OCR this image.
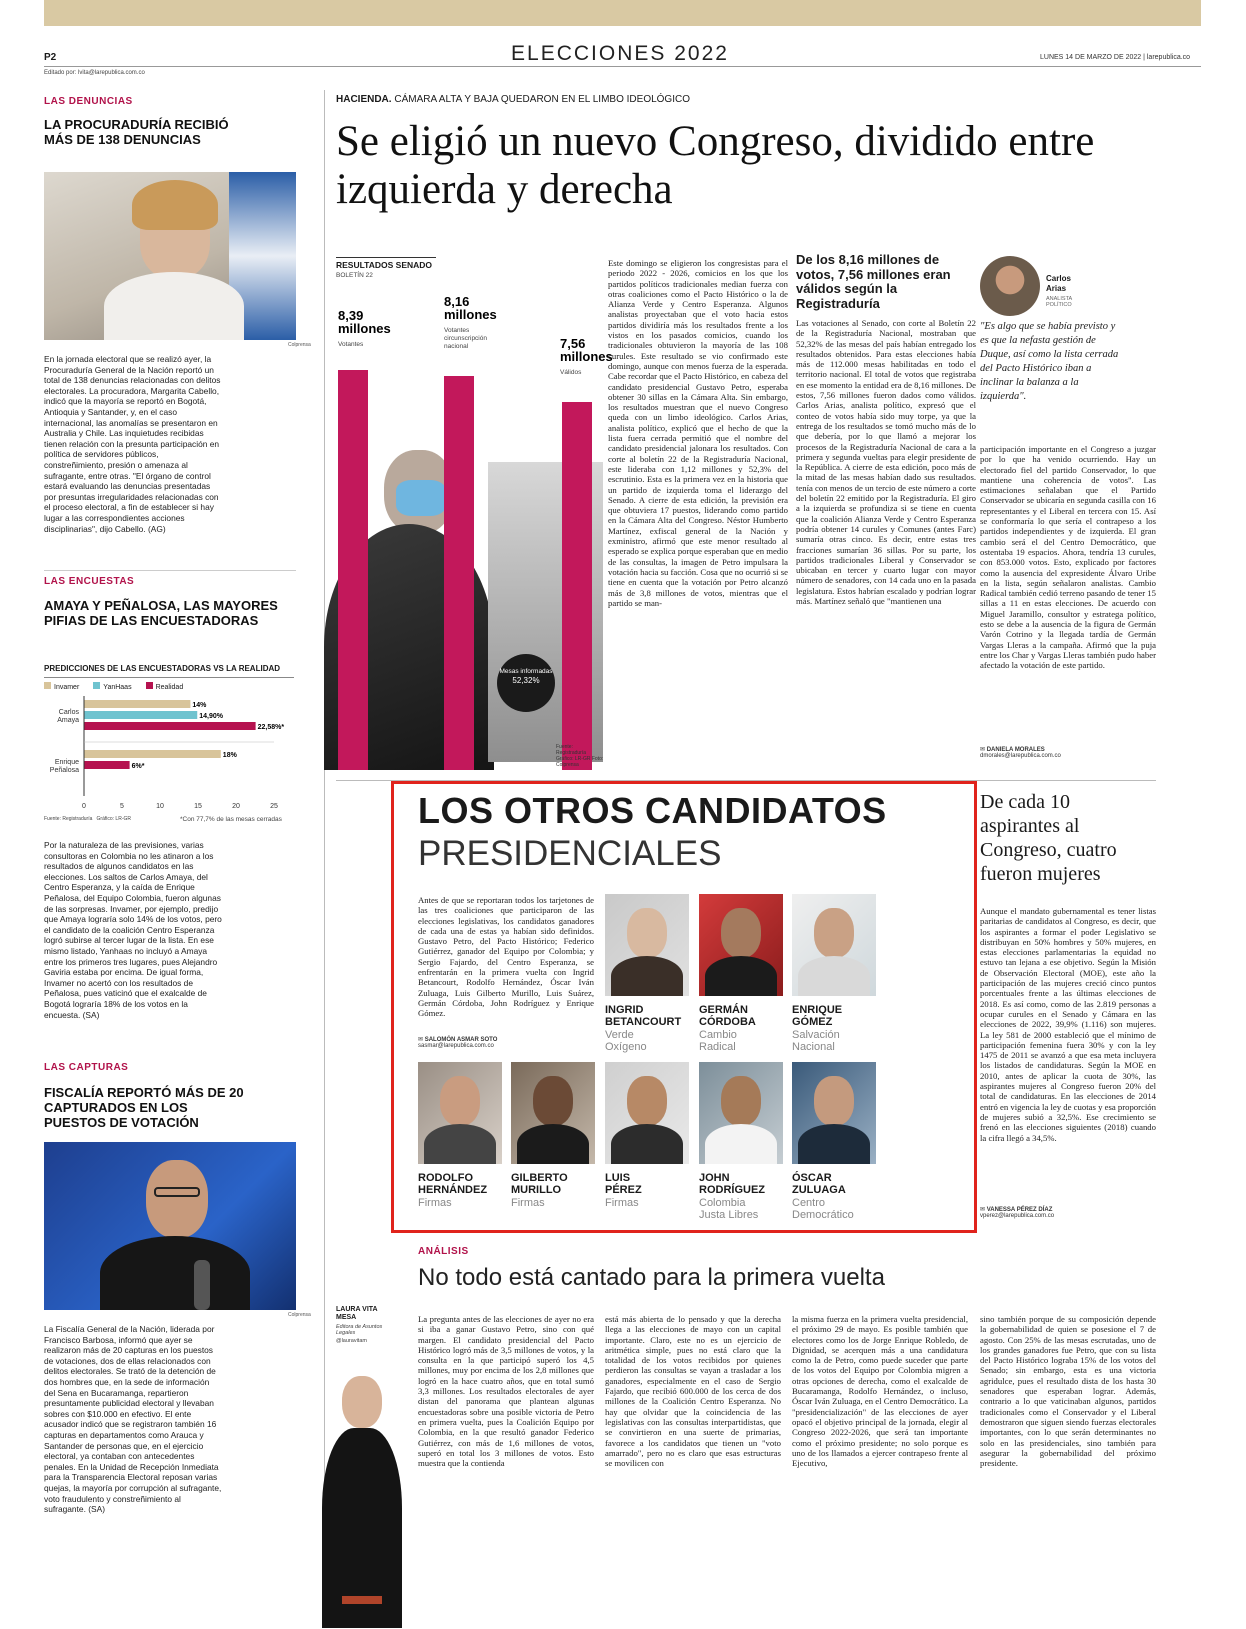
P2
Editado por: lvita@larepublica.com.co
ELECCIONES 2022	LUNES 14 DE MARZO DE 2022 | larepublica.co
LAS DENUNCIAS
LA PROCURADURÍA RECIBIÓ MÁS DE 138 DENUNCIAS
Colprensa
En la jornada electoral que se realizó ayer, la Procuraduría General de la Nación reportó un total de 138 denuncias relacionadas con delitos electorales. La procuradora, Margarita Cabello, indicó que la mayoría se reportó en Bogotá, Antioquia y Santander, y, en el caso internacional, las anomalías se presentaron en Australia y Chile. Las inquietudes recibidas tienen relación con la presunta participación en política de servidores públicos, constreñimiento, presión o amenaza al sufragante, entre otras. "El órgano de control estará evaluando las denuncias presentadas por presuntas irregularidades relacionadas con el proceso electoral, a fin de establecer si hay lugar a las correspondientes acciones disciplinarias", dijo Cabello. (AG)
LAS ENCUESTAS
AMAYA Y PEÑALOSA, LAS MAYORES PIFIAS DE LAS ENCUESTADORAS
PREDICCIONES DE LAS ENCUESTADORAS VS LA REALIDAD
Invamer	YanHaas	Realidad
Carlos
Amaya
14%
14,90%
22,58%*
Enrique
Peñalosa
18%
6%*
0	5	10	15	20	25
Fuente: Registraduría Gráfico: LR-GR	*Con 77,7% de las mesas cerradas
Por la naturaleza de las previsiones, varias consultoras en Colombia no les atinaron a los resultados de algunos candidatos en las elecciones. Los saltos de Carlos Amaya, del Centro Esperanza, y la caída de Enrique Peñalosa, del Equipo Colombia, fueron algunas de las sorpresas. Invamer, por ejemplo, predijo que Amaya lograría solo 14% de los votos, pero el candidato de la coalición Centro Esperanza logró subirse al tercer lugar de la lista. En ese mismo listado, Yanhaas no incluyó a Amaya entre los primeros tres lugares, pues Alejandro Gaviria estaba por encima. De igual forma, Invamer no acertó con los resultados de Peñalosa, pues vaticinó que el exalcalde de Bogotá lograría 18% de los votos en la encuesta. (SA)
LAS CAPTURAS
FISCALÍA REPORTÓ MÁS DE 20 CAPTURADOS EN LOS PUESTOS DE VOTACIÓN
Colprensa
La Fiscalía General de la Nación, liderada por Francisco Barbosa, informó que ayer se realizaron más de 20 capturas en los puestos de votaciones, dos de ellas relacionados con delitos electorales. Se trató de la detención de dos hombres que, en la sede de información del Sena en Bucaramanga, repartieron presuntamente publicidad electoral y llevaban sobres con $10.000 en efectivo. El ente acusador indicó que se registraron también 16 capturas en departamentos como Arauca y Santander de personas que, en el ejercicio electoral, ya contaban con antecedentes penales. En la Unidad de Recepción Inmediata para la Transparencia Electoral reposan varias quejas, la mayoría por corrupción al sufragante, voto fraudulento y constreñimiento al sufragante. (SA)
HACIENDA. CÁMARA ALTA Y BAJA QUEDARON EN EL LIMBO IDEOLÓGICO
Se eligió un nuevo Congreso, dividido entre izquierda y derecha
RESULTADOS SENADO
BOLETÍN 22
8,39
millones
Votantes
8,16
millones
Votantes
circunscripción
nacional	7,56
millones
Válidos
Mesas informadas
52,32%
Fuente: Registraduría Gráfico: LR-GR Foto: Colprensa
Este domingo se eligieron los congresistas para el periodo 2022 - 2026, comicios en los que los partidos políticos tradicionales median fuerza con otras coaliciones como el Pacto Histórico o la de Alianza Verde y Centro Esperanza. Algunos analistas proyectaban que el voto hacia estos partidos dividiría más los resultados frente a los vistos en los pasados comicios, cuando los tradicionales obtuvieron la mayoría de las 108 curules. Este resultado se vio confirmado este domingo, aunque con menos fuerza de la esperada. Cabe recordar que el Pacto Histórico, en cabeza del candidato presidencial Gustavo Petro, esperaba obtener 30 sillas en la Cámara Alta. Sin embargo, los resultados muestran que el nuevo Congreso queda con un limbo ideológico. Carlos Arias, analista político, explicó que el hecho de que la lista fuera cerrada permitió que el nombre del candidato presidencial jalonara los resultados. Con corte al boletín 22 de la Registraduría Nacional, este lideraba con 1,12 millones y 52,3% del escrutinio. Esta es la primera vez en la historia que un partido de izquierda toma el liderazgo del Senado. A cierre de esta edición, la previsión era que obtuviera 17 puestos, liderando como partido en la Cámara Alta del Congreso. Néstor Humberto Martínez, exfiscal general de la Nación y exministro, afirmó que este menor resultado al esperado se explica porque esperaban que en medio de las consultas, la imagen de Petro impulsara la votación hacia su facción. Cosa que no ocurrió si se tiene en cuenta que la votación por Petro alcanzó más de 3,8 millones de votos, mientras que el partido se man-
De los 8,16 millones de votos, 7,56 millones eran válidos según la Registraduría
Las votaciones al Senado, con corte al Boletín 22 de la Registraduría Nacional, mostraban que 52,32% de las mesas del país habían entregado los resultados obtenidos. Para estas elecciones había más de 112.000 mesas habilitadas en todo el territorio nacional. El total de votos que registraba en ese momento la entidad era de 8,16 millones. De estos, 7,56 millones fueron dados como válidos. Carlos Arias, analista político, expresó que el conteo de votos había sido muy torpe, ya que la entrega de los resultados se tomó mucho más de lo que debería, por lo que llamó a mejorar los procesos de la Registraduría Nacional de cara a la primera y segunda vueltas para elegir presidente de la República. A cierre de esta edición, poco más de la mitad de las mesas habían dado sus resultados. tenía con menos de un tercio de este número a corte del boletín 22 emitido por la Registraduría. El giro a la izquierda se profundiza si se tiene en cuenta que la coalición Alianza Verde y Centro Esperanza podría obtener 14 curules y Comunes (antes Farc) sumaría otras cinco. Es decir, entre estas tres fracciones sumarían 36 sillas. Por su parte, los partidos tradicionales Liberal y Conservador se ubicaban en tercer y cuarto lugar con mayor número de senadores, con 14 cada uno en la pasada legislatura. Estos habrían escalado y podrían lograr más. Martínez señaló que "mantienen una
Carlos Arias
ANALISTA POLÍTICO
"Es algo que se había previsto y es que la nefasta gestión de Duque, así como la lista cerrada del Pacto Histórico iban a inclinar la balanza a la izquierda".
participación importante en el Congreso a juzgar por lo que ha venido ocurriendo. Hay un electorado fiel del partido Conservador, lo que mantiene una coherencia de votos". Las estimaciones señalaban que el Partido Conservador se ubicaría en segunda casilla con 16 representantes y el Liberal en tercera con 15. Así se conformaría lo que sería el contrapeso a los partidos independientes y de izquierda. El gran cambio será el del Centro Democrático, que ostentaba 19 espacios. Ahora, tendría 13 curules, con 853.000 votos. Esto, explicado por factores como la ausencia del expresidente Álvaro Uribe en la lista, según señalaron analistas. Cambio Radical también cedió terreno pasando de tener 15 sillas a 11 en estas elecciones. De acuerdo con Miguel Jaramillo, consultor y estratega político, esto se debe a la ausencia de la figura de Germán Varón Cotrino y la llegada tardía de Germán Vargas Lleras a la campaña. Afirmó que la puja entre los Char y Vargas Lleras también pudo haber afectado la votación de este partido.
✉ DANIELA MORALES
dmorales@larepublica.com.co
LOS OTROS CANDIDATOS
PRESIDENCIALES
Antes de que se reportaran todos los tarjetones de las tres coaliciones que participaron de las elecciones legislativas, los candidatos ganadores de cada una de estas ya habían sido definidos. Gustavo Petro, del Pacto Histórico; Federico Gutiérrez, ganador del Equipo por Colombia; y Sergio Fajardo, del Centro Esperanza, se enfrentarán en la primera vuelta con Ingrid Betancourt, Rodolfo Hernández, Óscar Iván Zuluaga, Luis Gilberto Murillo, Luis Suárez, Germán Córdoba, John Rodríguez y Enrique Gómez.
✉ SALOMÓN ASMAR SOTO
sasmar@larepublica.com.co
INGRID
BETANCOURT
Verde
Oxígeno
GERMÁN
CÓRDOBA
Cambio
Radical
ENRIQUE
GÓMEZ
Salvación
Nacional
RODOLFO
HERNÁNDEZ
Firmas
GILBERTO
MURILLO
Firmas
LUIS
PÉREZ
Firmas
JOHN
RODRÍGUEZ
Colombia
Justa Libres
ÓSCAR
ZULUAGA
Centro
Democrático
De cada 10 aspirantes al Congreso, cuatro fueron mujeres
Aunque el mandato gubernamental es tener listas paritarias de candidatos al Congreso, es decir, que los aspirantes a formar el poder Legislativo se distribuyan en 50% hombres y 50% mujeres, en estas elecciones parlamentarias la equidad no estuvo tan lejana a ese objetivo. Según la Misión de Observación Electoral (MOE), este año la participación de las mujeres creció cinco puntos porcentuales frente a las últimas elecciones de 2018. Es así como, como de las 2.819 personas a ocupar curules en el Senado y Cámara en las elecciones de 2022, 39,9% (1.116) son mujeres. La ley 581 de 2000 estableció que el mínimo de participación femenina fuera 30% y con la ley 1475 de 2011 se avanzó a que esa meta incluyera los listados de candidaturas. Según la MOE en 2010, antes de aplicar la cuota de 30%, las aspirantes mujeres al Congreso fueron 20% del total de candidaturas. En las elecciones de 2014 entró en vigencia la ley de cuotas y esa proporción de mujeres subió a 32,5%. Ese crecimiento se frenó en las elecciones siguientes (2018) cuando la cifra llegó a 34,5%.
✉ VANESSA PÉREZ DÍAZ
vperez@larepublica.com.co
ANÁLISIS
No todo está cantado para la primera vuelta
LAURA VITA MESA
Editora de Asuntos Legales
@lauravitam
La pregunta antes de las elecciones de ayer no era si iba a ganar Gustavo Petro, sino con qué margen. El candidato presidencial del Pacto Histórico logró más de 3,5 millones de votos, y la consulta en la que participó superó los 4,5 millones, muy por encima de los 2,8 millones que logró en la hace cuatro años, que en total sumó 3,3 millones. Los resultados electorales de ayer distan del panorama que plantean algunas encuestadoras sobre una posible victoria de Petro en primera vuelta, pues la Coalición Equipo por Colombia, en la que resultó ganador Federico Gutiérrez, con más de 1,6 millones de votos, superó en total los 3 millones de votos. Esto muestra que la contienda
está más abierta de lo pensado y que la derecha llega a las elecciones de mayo con un capital importante. Claro, este no es un ejercicio de aritmética simple, pues no está claro que la totalidad de los votos recibidos por quienes perdieron las consultas se vayan a trasladar a los ganadores, especialmente en el caso de Sergio Fajardo, que recibió 600.000 de los cerca de dos millones de la Coalición Centro Esperanza. No hay que olvidar que la coincidencia de las legislativas con las consultas interpartidistas, que se convirtieron en una suerte de primarias, favorece a los candidatos que tienen un "voto amarrado", pero no es claro que esas estructuras se movilicen con
la misma fuerza en la primera vuelta presidencial, el próximo 29 de mayo. Es posible también que electores como los de Jorge Enrique Robledo, de Dignidad, se acerquen más a una candidatura como la de Petro, como puede suceder que parte de los votos del Equipo por Colombia migren a otras opciones de derecha, como el exalcalde de Bucaramanga, Rodolfo Hernández, o incluso, Óscar Iván Zuluaga, en el Centro Democrático. La "presidencialización" de las elecciones de ayer opacó el objetivo principal de la jornada, elegir al Congreso 2022-2026, que será tan importante como el próximo presidente; no solo porque es uno de los llamados a ejercer contrapeso frente al Ejecutivo,
sino también porque de su composición depende la gobernabilidad de quien se posesione el 7 de agosto. Con 25% de las mesas escrutadas, uno de los grandes ganadores fue Petro, que con su lista del Pacto Histórico lograba 15% de los votos del Senado; sin embargo, esta es una victoria agridulce, pues el resultado dista de los hasta 30 senadores que esperaban lograr. Además, contrario a lo que vaticinaban algunos, partidos tradicionales como el Conservador y el Liberal demostraron que siguen siendo fuerzas electorales importantes, con lo que serán determinantes no solo en las presidenciales, sino también para asegurar la gobernabilidad del próximo presidente.
